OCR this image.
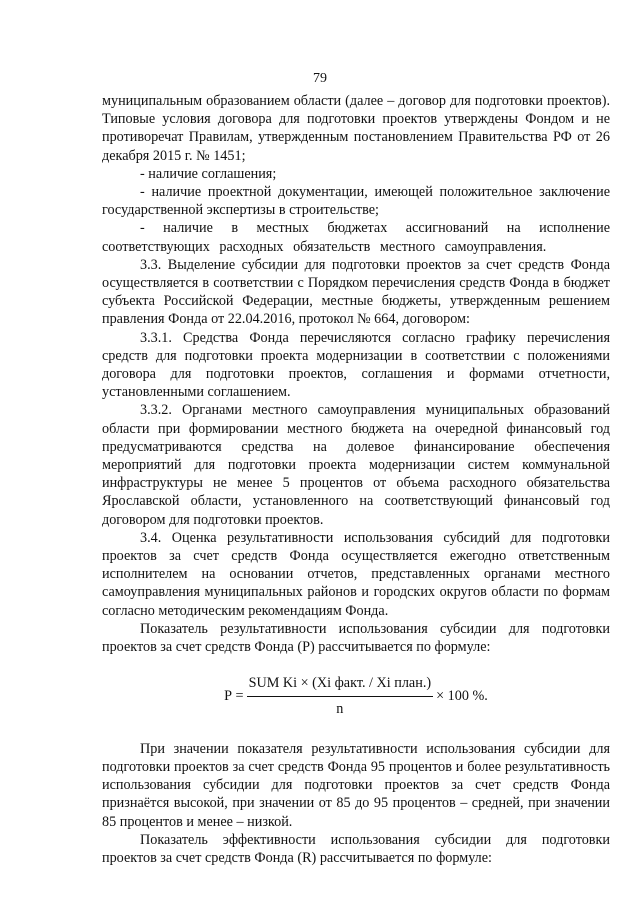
79

муниципальным образованием области (далее – договор для подготовки проектов). Типовые условия договора для подготовки проектов утверждены Фондом и не противоречат Правилам, утвержденным постановлением Правительства РФ от 26 декабря 2015 г. № 1451;

- наличие соглашения;

- наличие проектной документации, имеющей положительное заключение государственной экспертизы в строительстве;

- наличие в местных бюджетах ассигнований на исполнение соответствующих расходных обязательств местного самоуправления.

3.3. Выделение субсидии для подготовки проектов за счет средств Фонда осуществляется в соответствии с Порядком перечисления средств Фонда в бюджет субъекта Российской Федерации, местные бюджеты, утвержденным решением правления Фонда от 22.04.2016, протокол № 664, договором:

3.3.1. Средства Фонда перечисляются согласно графику перечисления средств для подготовки проекта модернизации в соответствии с положениями договора для подготовки проектов, соглашения и формами отчетности, установленными соглашением.

3.3.2. Органами местного самоуправления муниципальных образований области при формировании местного бюджета на очередной финансовый год предусматриваются средства на долевое финансирование обеспечения мероприятий для подготовки проекта модернизации систем коммунальной инфраструктуры не менее 5 процентов от объема расходного обязательства Ярославской области, установленного на соответствующий финансовый год договором для подготовки проектов.

3.4. Оценка результативности использования субсидий для подготовки проектов за счет средств Фонда осуществляется ежегодно ответственным исполнителем на основании отчетов, представленных органами местного самоуправления муниципальных районов и городских округов области по формам согласно методическим рекомендациям Фонда.

Показатель результативности использования субсидии для подготовки проектов за счет средств Фонда (Р) рассчитывается по формуле:

$Р = \frac{\text{SUM Ki × (Xi факт. / Xi план.)}}{n} \times 100$ %.

При значении показателя результативности использования субсидии для подготовки проектов за счет средств Фонда 95 процентов и более результативность использования субсидии для подготовки проектов за счет средств Фонда признаётся высокой, при значении от 85 до 95 процентов – средней, при значении 85 процентов и менее – низкой.

Показатель эффективности использования субсидии для подготовки проектов за счет средств Фонда (R) рассчитывается по формуле:
